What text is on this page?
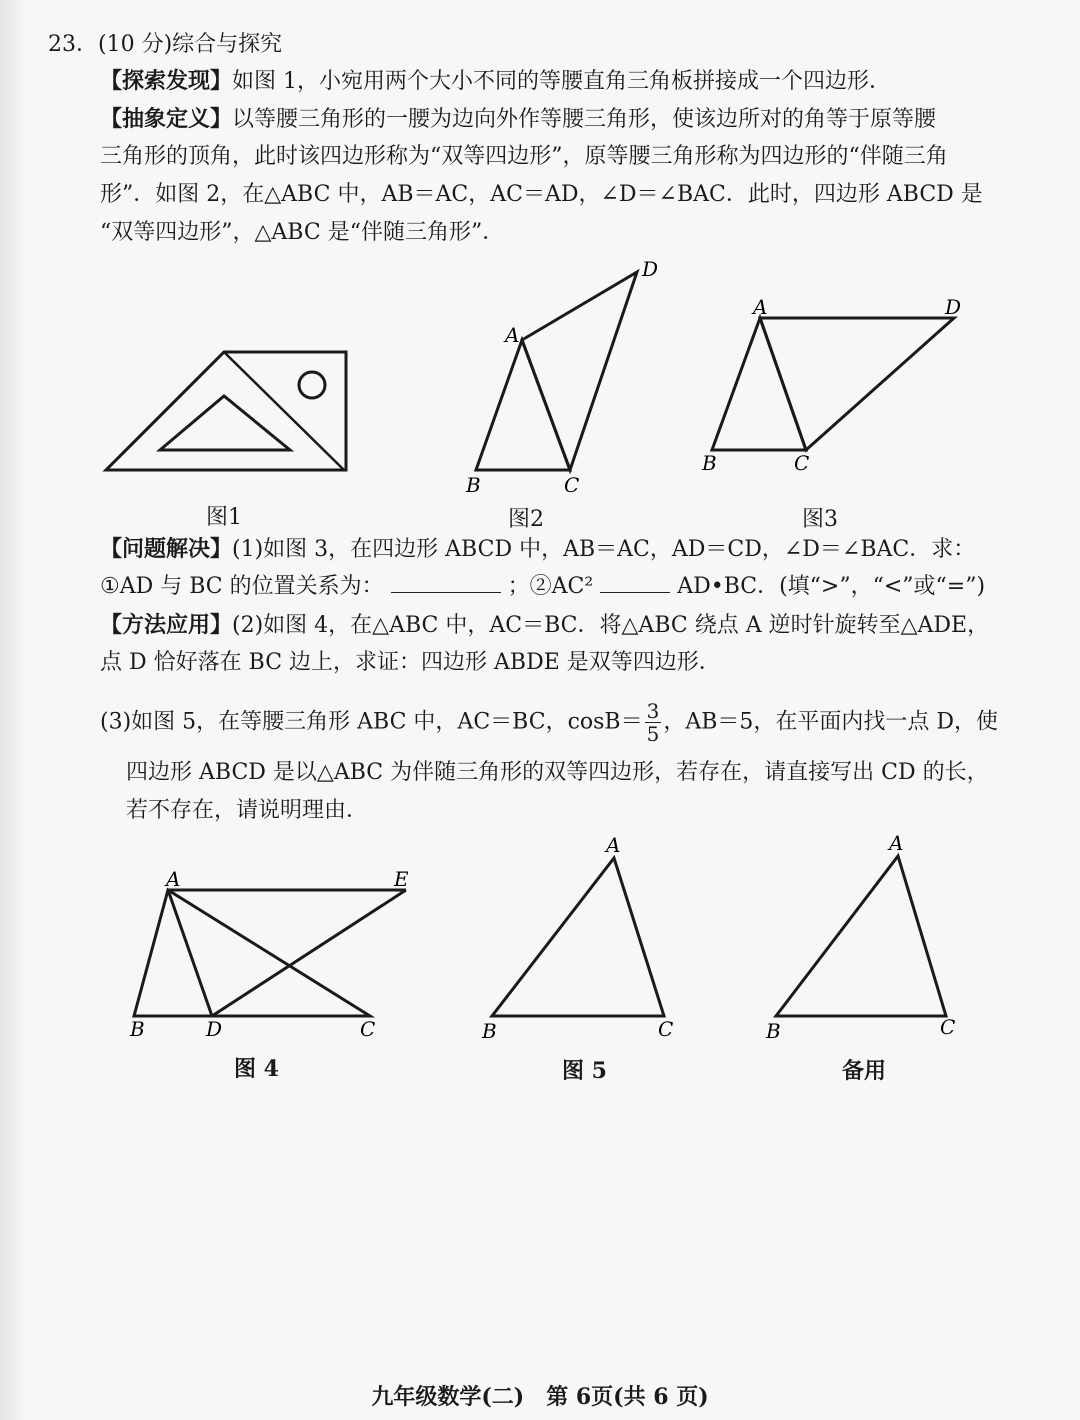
23．(10 分)综合与探究
【探索发现】如图 1，小宛用两个大小不同的等腰直角三角板拼接成一个四边形．
【抽象定义】以等腰三角形的一腰为边向外作等腰三角形，使该边所对的角等于原等腰
三角形的顶角，此时该四边形称为“双等四边形”，原等腰三角形称为四边形的“伴随三角
形”．如图 2，在△ABC 中，AB＝AC，AC＝AD，∠D＝∠BAC．此时，四边形 ABCD 是
“双等四边形”，△ABC 是“伴随三角形”．
A
D
B	C
A	D
B	C
图1	图2	图3
【问题解决】(1)如图 3，在四边形 ABCD 中，AB＝AC，AD＝CD，∠D＝∠BAC．求：
①AD 与 BC 的位置关系为：	；②AC²	AD•BC．(填“>”，“<”或“=”)
【方法应用】(2)如图 4，在△ABC 中，AC＝BC．将△ABC 绕点 A 逆时针旋转至△ADE，
点 D 恰好落在 BC 边上，求证：四边形 ABDE 是双等四边形．
(3)如图 5，在等腰三角形 ABC 中，AC＝BC，$\cos B= \frac{3}{5}$ ，AB＝5，在平面内找一点 D，使
四边形 ABCD 是以△ABC 为伴随三角形的双等四边形，若存在，请直接写出 CD 的长，
若不存在，请说明理由．
A	E
B	D	C
A
B	C
A
B	C
图 4	图 5	备用
九年级数学(二)　第 6页(共 6 页)
